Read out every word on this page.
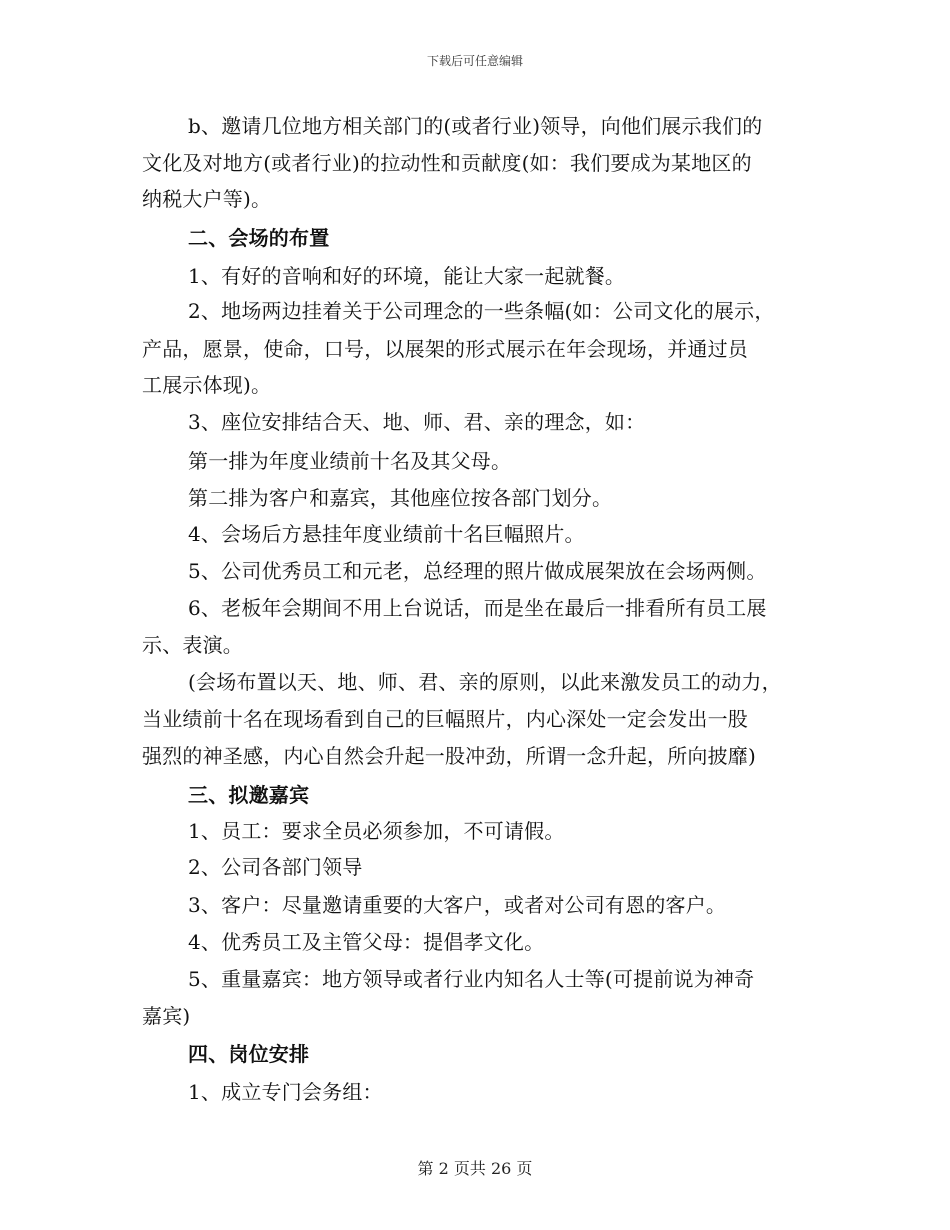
下载后可任意编辑
b、邀请几位地方相关部门的(或者行业)领导，向他们展示我们的
文化及对地方(或者行业)的拉动性和贡献度(如：我们要成为某地区的
纳税大户等)。
二、会场的布置
1、有好的音响和好的环境，能让大家一起就餐。
2、地场两边挂着关于公司理念的一些条幅(如：公司文化的展示，
产品，愿景，使命，口号，以展架的形式展示在年会现场，并通过员
工展示体现)。
3、座位安排结合天、地、师、君、亲的理念，如：
第一排为年度业绩前十名及其父母。
第二排为客户和嘉宾，其他座位按各部门划分。
4、会场后方悬挂年度业绩前十名巨幅照片。
5、公司优秀员工和元老，总经理的照片做成展架放在会场两侧。
6、老板年会期间不用上台说话，而是坐在最后一排看所有员工展
示、表演。
(会场布置以天、地、师、君、亲的原则，以此来激发员工的动力，
当业绩前十名在现场看到自己的巨幅照片，内心深处一定会发出一股
强烈的神圣感，内心自然会升起一股冲劲，所谓一念升起，所向披靡)
三、拟邀嘉宾
1、员工：要求全员必须参加，不可请假。
2、公司各部门领导
3、客户：尽量邀请重要的大客户，或者对公司有恩的客户。
4、优秀员工及主管父母：提倡孝文化。
5、重量嘉宾：地方领导或者行业内知名人士等(可提前说为神奇
嘉宾)
四、岗位安排
1、成立专门会务组：
第 2 页共 26 页
